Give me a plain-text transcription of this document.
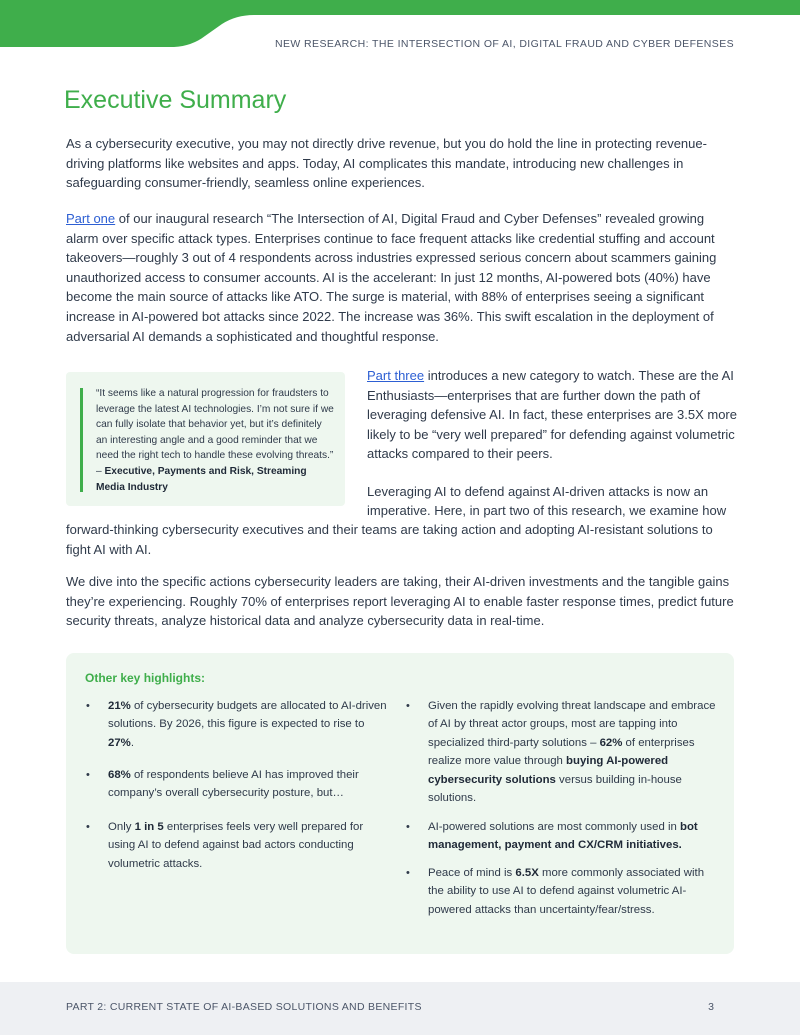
NEW RESEARCH: THE INTERSECTION OF AI, DIGITAL FRAUD AND CYBER DEFENSES
Executive Summary

As a cybersecurity executive, you may not directly drive revenue, but you do hold the line in protecting revenue-driving platforms like websites and apps. Today, AI complicates this mandate, introducing new challenges in safeguarding consumer-friendly, seamless online experiences.

Part one of our inaugural research “The Intersection of AI, Digital Fraud and Cyber Defenses” revealed growing alarm over specific attack types. Enterprises continue to face frequent attacks like credential stuffing and account takeovers—roughly 3 out of 4 respondents across industries expressed serious concern about scammers gaining unauthorized access to consumer accounts. AI is the accelerant: In just 12 months, AI-powered bots (40%) have become the main source of attacks like ATO. The surge is material, with 88% of enterprises seeing a significant increase in AI-powered bot attacks since 2022. The increase was 36%. This swift escalation in the deployment of adversarial AI demands a sophisticated and thoughtful response.

“It seems like a natural progression for fraudsters to leverage the latest AI technologies. I’m not sure if we can fully isolate that behavior yet, but it’s definitely an interesting angle and a good reminder that we need the right tech to handle these evolving threats.” – Executive, Payments and Risk, Streaming Media Industry

Part three introduces a new category to watch. These are the AI Enthusiasts—enterprises that are further down the path of leveraging defensive AI. In fact, these enterprises are 3.5X more likely to be “very well prepared” for defending against volumetric attacks compared to their peers.

Leveraging AI to defend against AI-driven attacks is now an
imperative. Here, in part two of this research, we examine how

forward-thinking cybersecurity executives and their teams are taking action and adopting AI-resistant solutions to fight AI with AI.

We dive into the specific actions cybersecurity leaders are taking, their AI-driven investments and the tangible gains they’re experiencing. Roughly 70% of enterprises report leveraging AI to enable faster response times, predict future security threats, analyze historical data and analyze cybersecurity data in real-time.

Other key highlights:
• 21% of cybersecurity budgets are allocated to AI-driven solutions. By 2026, this figure is expected to rise to 27%.
• 68% of respondents believe AI has improved their company’s overall cybersecurity posture, but…
• Only 1 in 5 enterprises feels very well prepared for using AI to defend against bad actors conducting volumetric attacks.
• Given the rapidly evolving threat landscape and embrace of AI by threat actor groups, most are tapping into specialized third-party solutions – 62% of enterprises realize more value through buying AI-powered cybersecurity solutions versus building in-house solutions.
• AI-powered solutions are most commonly used in bot management, payment and CX/CRM initiatives.
• Peace of mind is 6.5X more commonly associated with the ability to use AI to defend against volumetric AI-powered attacks than uncertainty/fear/stress.
PART 2: CURRENT STATE OF AI-BASED SOLUTIONS AND BENEFITS	3
